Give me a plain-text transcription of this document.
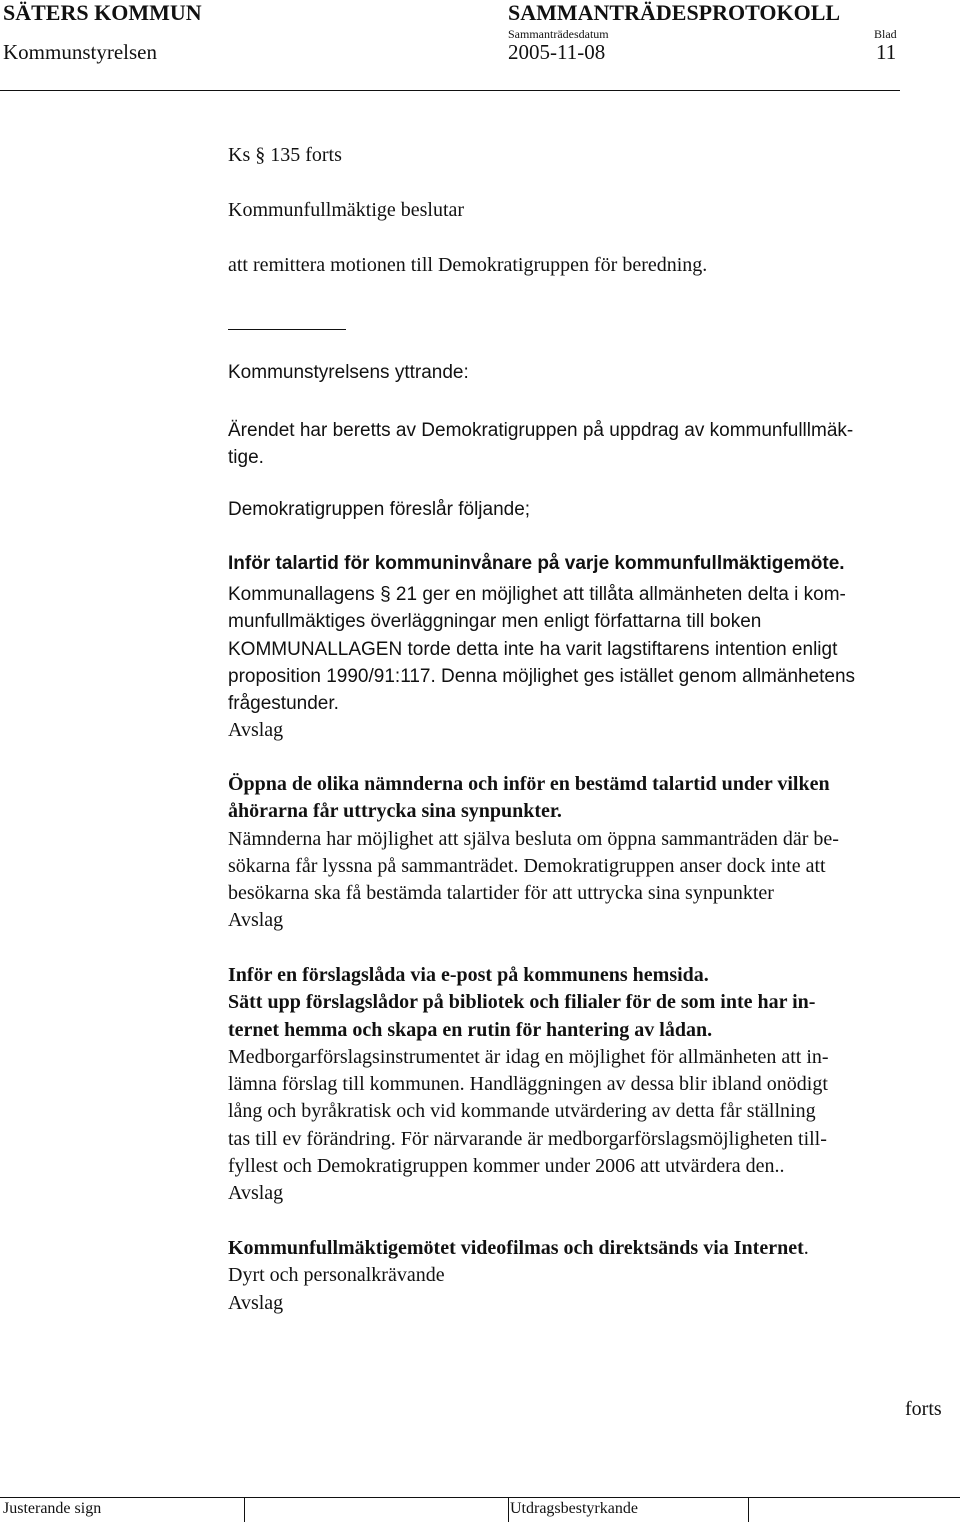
SÄTERS KOMMUN	SAMMANTRÄDESPROTOKOLL
Kommunstyrelsen
Sammanträdesdatum
2005-11-08
Blad
11
Ks § 135 forts
Kommunfullmäktige beslutar
att remittera motionen till Demokratigruppen för beredning.
Kommunstyrelsens yttrande:
Ärendet har beretts av Demokratigruppen på uppdrag av kommunfulllmäk-
tige.
Demokratigruppen föreslår följande;
Inför talartid för kommuninvånare på varje kommunfullmäktigemöte.
Kommunallagens § 21 ger en möjlighet att tillåta allmänheten delta i kom-
munfullmäktiges överläggningar men enligt författarna till boken
KOMMUNALLAGEN torde detta inte ha varit lagstiftarens intention enligt
proposition 1990/91:117. Denna möjlighet ges istället genom allmänhetens
frågestunder.
Avslag
Öppna de olika nämnderna och inför en bestämd talartid under vilken
åhörarna får uttrycka sina synpunkter.
Nämnderna har möjlighet att själva besluta om öppna sammanträden där be-
sökarna får lyssna på sammanträdet. Demokratigruppen anser dock inte att
besökarna ska få bestämda talartider för att uttrycka sina synpunkter
Avslag
Inför en förslagslåda via e-post på kommunens hemsida.
Sätt upp förslagslådor på bibliotek och filialer för de som inte har in-
ternet hemma och skapa en rutin för hantering av lådan.
Medborgarförslagsinstrumentet är idag en möjlighet för allmänheten att in-
lämna förslag till kommunen. Handläggningen av dessa blir ibland onödigt
lång och byråkratisk och vid kommande utvärdering av detta får ställning
tas till ev förändring. För närvarande är medborgarförslagsmöjligheten till-
fyllest och Demokratigruppen kommer under 2006 att utvärdera den..
Avslag
Kommunfullmäktigemötet videofilmas och direktsänds via Internet.
Dyrt och personalkrävande
Avslag
forts
Justerande sign	Utdragsbestyrkande
